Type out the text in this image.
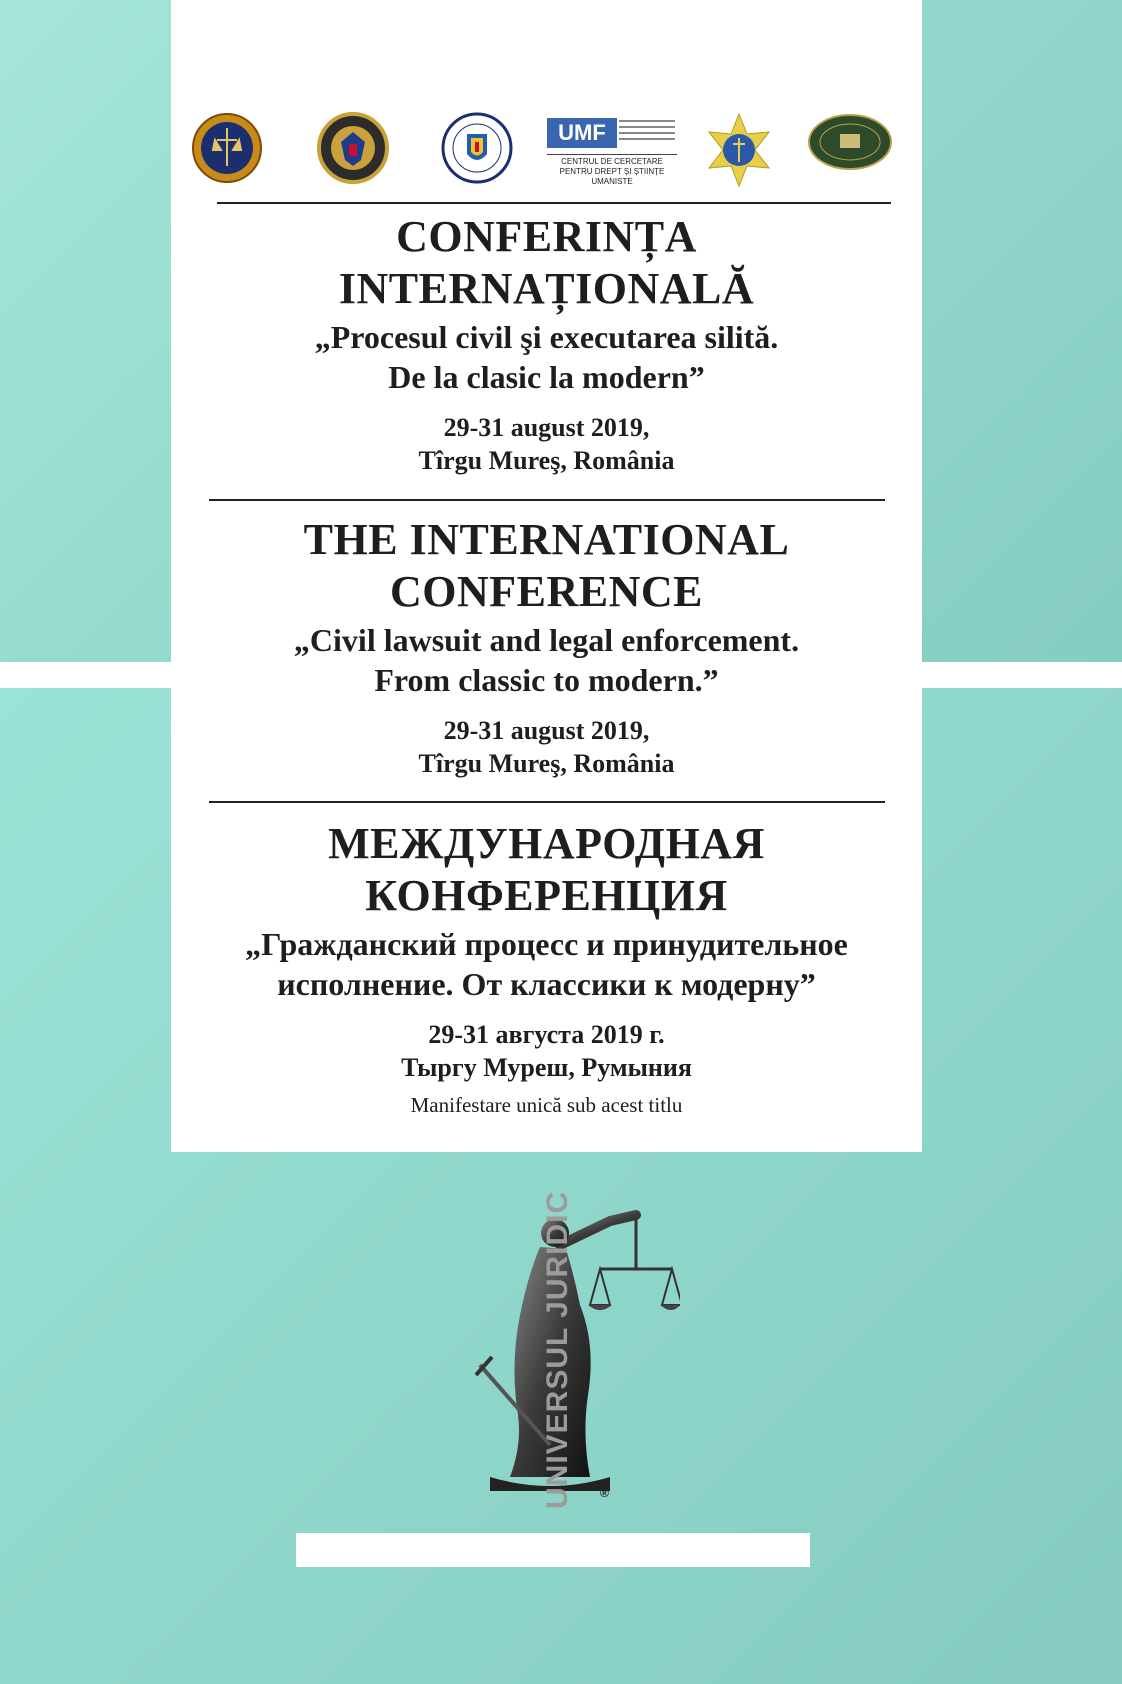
UMF
CENTRUL DE CERCETARE PENTRU DREPT ȘI ȘTIINȚE UMANISTE
CONFERINȚA
INTERNAȚIONALĂ
„Procesul civil şi executarea silită.
De la clasic la modern”
29-31 august 2019,
Tîrgu Mureş, România
THE INTERNATIONAL
CONFERENCE
„Civil lawsuit and legal enforcement.
From classic to modern.”
29-31 august 2019,
Tîrgu Mureş, România
МЕЖДУНАРОДНАЯ
КОНФЕРЕНЦИЯ
„Гражданский процесс и принудительное
исполнение. От классики к модерну”
29-31 августа 2019 г.
Тыргу Муреш, Румыния
Manifestare unică sub acest titlu
®
UNIVERSUL JURIDIC
